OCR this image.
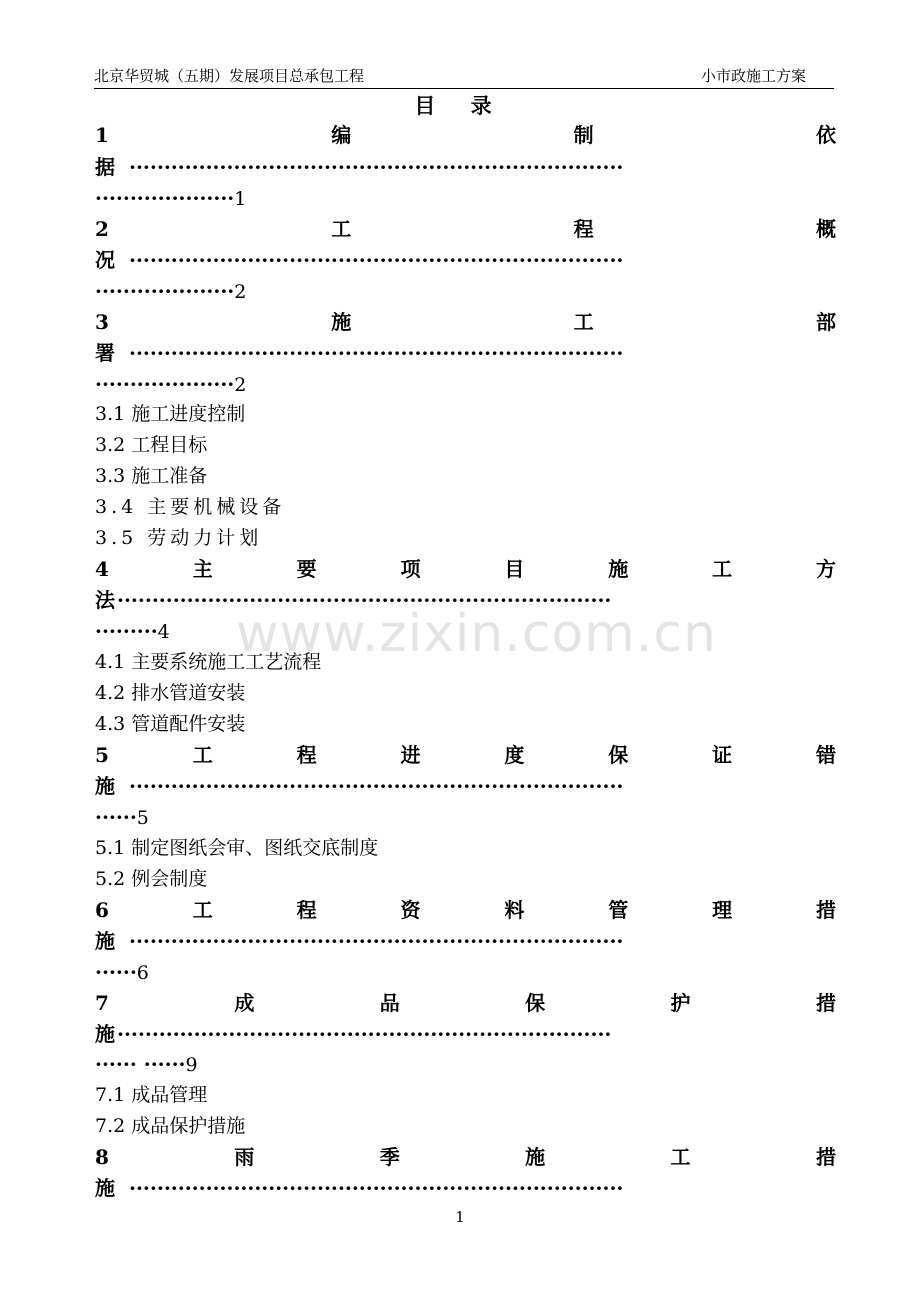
北京华贸城（五期）发展项目总承包工程	小市政施工方案
目 录
1	编	制	依
据 ·······································································
····················1
2	工	程	概
况 ·······································································
····················2
3	施	工	部
署 ·······································································
····················2
3.1 施工进度控制
3.2 工程目标
3.3 施工准备
3.4 主要机械设备
3.5 劳动力计划
4	主	要	项	目	施	工	方
法 ·······································································
·········4
4.1 主要系统施工工艺流程
4.2 排水管道安装
4.3 管道配件安装
5	工	程	进	度	保	证	错
施 ·······································································
······5
5.1 制定图纸会审、图纸交底制度
5.2 例会制度
6	工	程	资	料	管	理	措
施 ·······································································
······6
7	成	品	保	护	措
施 ·······································································
······ ······9
7.1 成品管理
7.2 成品保护措施
8	雨	季	施	工	措
施 ·······································································
www.zixin.com.cn
1
